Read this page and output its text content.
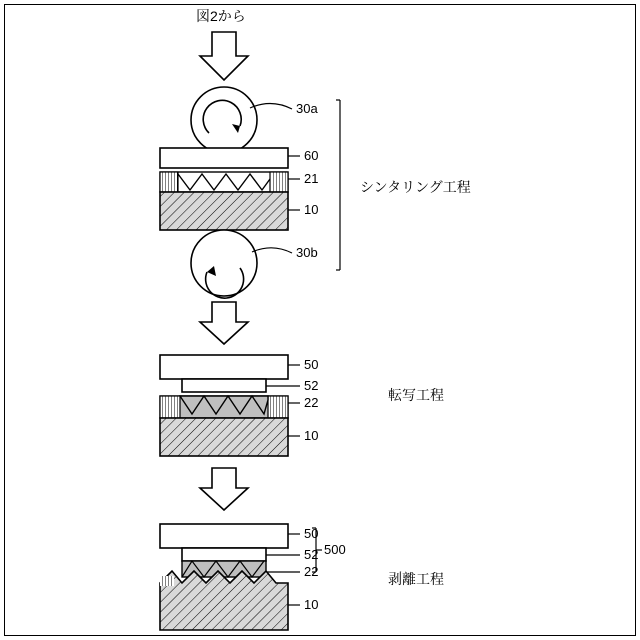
図2から
30a
60
21
10
30b
シンタリング工程
50
52
22
10
転写工程
50
52
22
500
10
剥離工程
